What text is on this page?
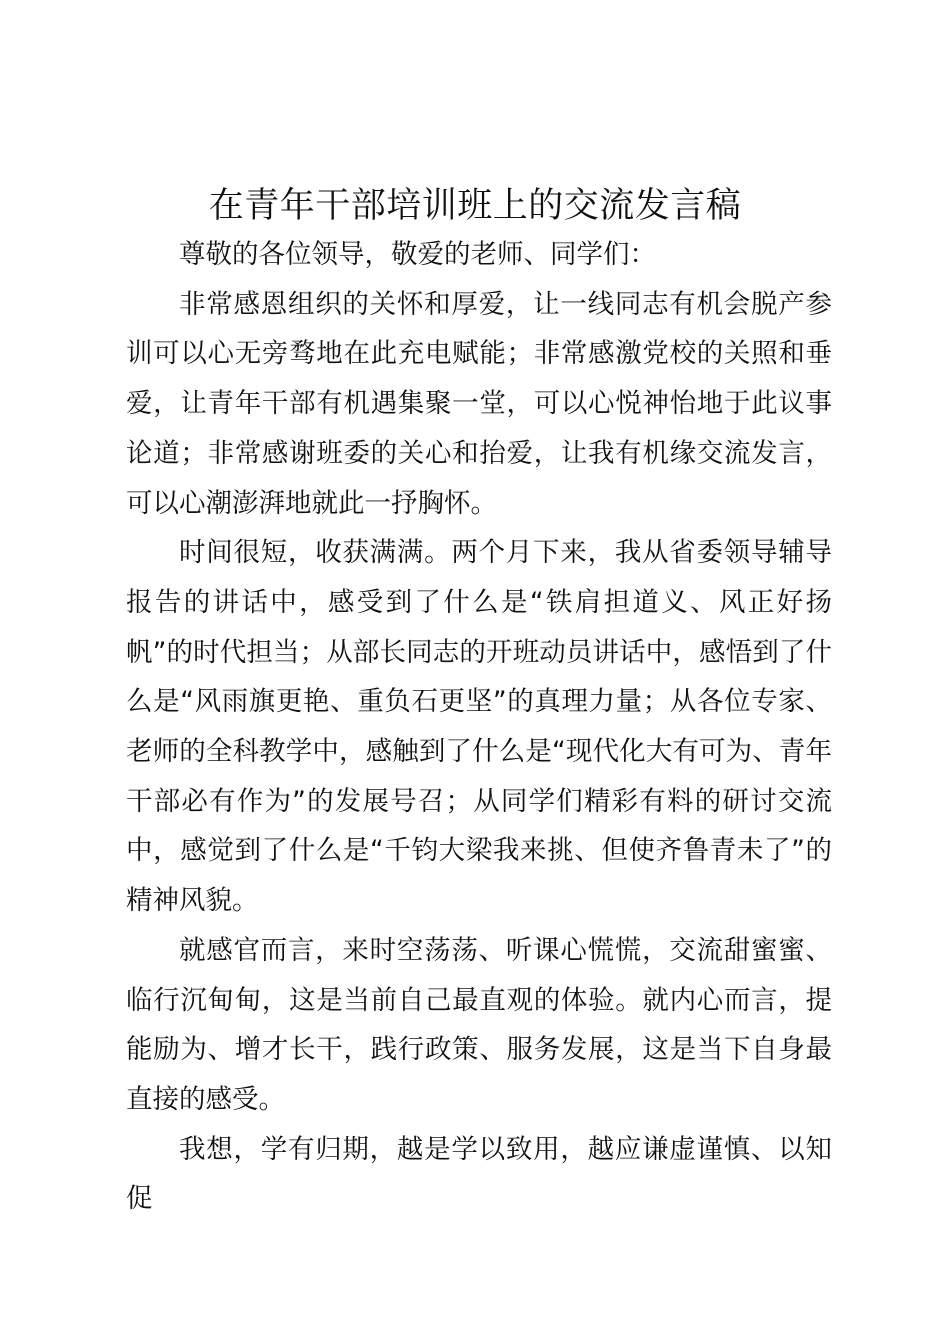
在青年干部培训班上的交流发言稿

尊敬的各位领导，敬爱的老师、同学们：

非常感恩组织的关怀和厚爱，让一线同志有机会脱产参训可以心无旁骛地在此充电赋能；非常感激党校的关照和垂爱，让青年干部有机遇集聚一堂，可以心悦神怡地于此议事论道；非常感谢班委的关心和抬爱，让我有机缘交流发言，可以心潮澎湃地就此一抒胸怀。

时间很短，收获满满。两个月下来，我从省委领导辅导报告的讲话中，感受到了什么是“铁肩担道义、风正好扬帆”的时代担当；从部长同志的开班动员讲话中，感悟到了什么是“风雨旗更艳、重负石更坚”的真理力量；从各位专家、老师的全科教学中，感触到了什么是“现代化大有可为、青年干部必有作为”的发展号召；从同学们精彩有料的研讨交流中，感觉到了什么是“千钧大梁我来挑、但使齐鲁青未了”的精神风貌。

就感官而言，来时空荡荡、听课心慌慌，交流甜蜜蜜、临行沉甸甸，这是当前自己最直观的体验。就内心而言，提能励为、增才长干，践行政策、服务发展，这是当下自身最直接的感受。

我想，学有归期，越是学以致用，越应谦虚谨慎、以知促
